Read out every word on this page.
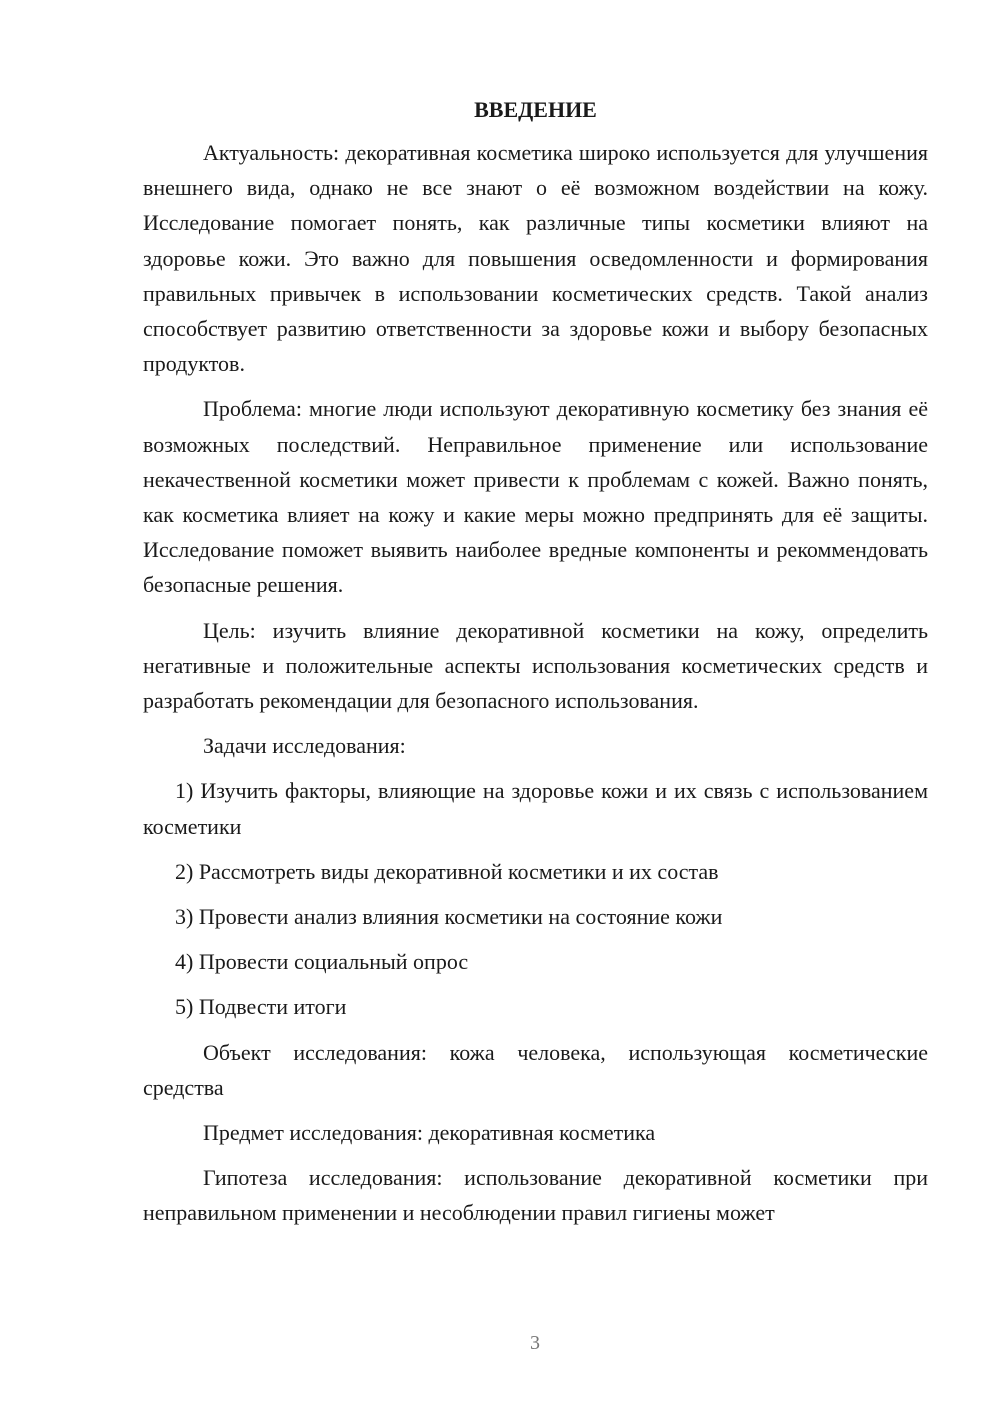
ВВЕДЕНИЕ

Актуальность: декоративная косметика широко используется для улучшения внешнего вида, однако не все знают о её возможном воздействии на кожу. Исследование помогает понять, как различные типы косметики влияют на здоровье кожи. Это важно для повышения осведомленности и формирования правильных привычек в использовании косметических средств. Такой анализ способствует развитию ответственности за здоровье кожи и выбору безопасных продуктов.

Проблема: многие люди используют декоративную косметику без знания её возможных последствий. Неправильное применение или использование некачественной косметики может привести к проблемам с кожей. Важно понять, как косметика влияет на кожу и какие меры можно предпринять для её защиты. Исследование поможет выявить наиболее вредные компоненты и рекоммендовать безопасные решения.

Цель: изучить влияние декоративной косметики на кожу, определить негативные и положительные аспекты использования косметических средств и разработать рекомендации для безопасного использования.

Задачи исследования:

1) Изучить факторы, влияющие на здоровье кожи и их связь с использованием косметики

2) Рассмотреть виды декоративной косметики и их состав

3) Провести анализ влияния косметики на состояние кожи

4) Провести социальный опрос

5) Подвести итоги

Объект исследования: кожа человека, использующая косметические средства

Предмет исследования: декоративная косметика

Гипотеза исследования: использование декоративной косметики при неправильном применении и несоблюдении правил гигиены может

3
